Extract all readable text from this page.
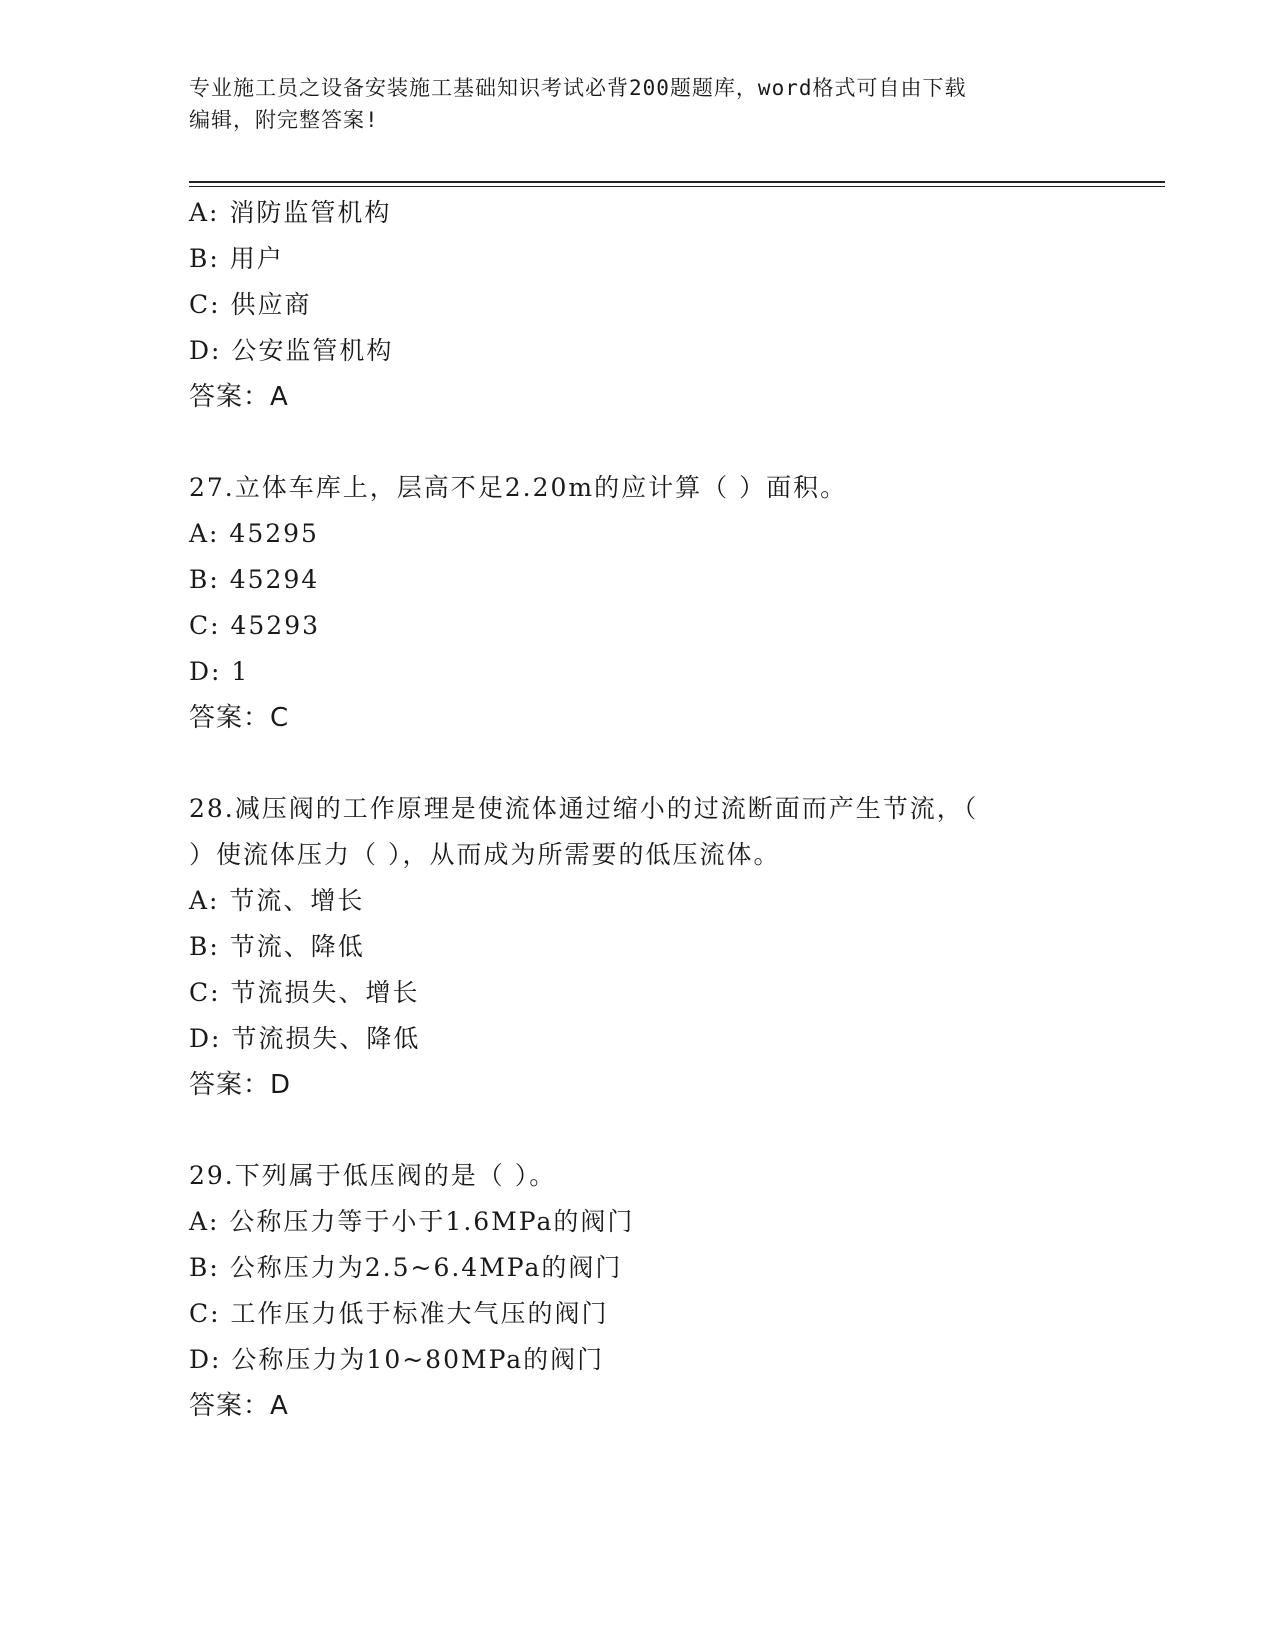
专业施工员之设备安装施工基础知识考试必背200题题库，word格式可自由下载
编辑，附完整答案!
A: 消防监管机构
B: 用户
C: 供应商
D: 公安监管机构
答案：A
27.立体车库上，层高不足2.20m的应计算（ ）面积。
A: 45295
B: 45294
C: 45293
D: 1
答案：C
28.减压阀的工作原理是使流体通过缩小的过流断面而产生节流，（
）使流体压力（ ），从而成为所需要的低压流体。
A: 节流、增长
B: 节流、降低
C: 节流损失、增长
D: 节流损失、降低
答案：D
29.下列属于低压阀的是（ ）。
A: 公称压力等于小于1.6MPa的阀门
B: 公称压力为2.5~6.4MPa的阀门
C: 工作压力低于标准大气压的阀门
D: 公称压力为10~80MPa的阀门
答案：A
